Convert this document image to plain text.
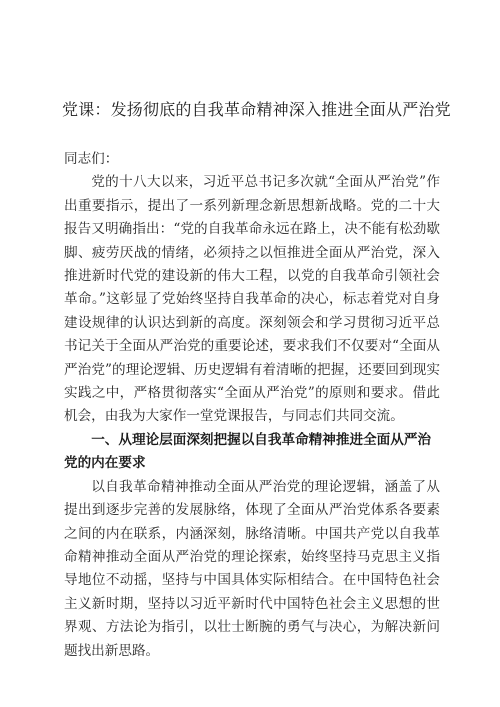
党课：发扬彻底的自我革命精神深入推进全面从严治党

同志们：

党的十八大以来，习近平总书记多次就“全面从严治党”作出重要指示，提出了一系列新理念新思想新战略。党的二十大报告又明确指出：“党的自我革命永远在路上，决不能有松劲歇脚、疲劳厌战的情绪，必须持之以恒推进全面从严治党，深入推进新时代党的建设新的伟大工程，以党的自我革命引领社会革命。”这彰显了党始终坚持自我革命的决心，标志着党对自身建设规律的认识达到新的高度。深刻领会和学习贯彻习近平总书记关于全面从严治党的重要论述，要求我们不仅要对“全面从严治党”的理论逻辑、历史逻辑有着清晰的把握，还要回到现实实践之中，严格贯彻落实“全面从严治党”的原则和要求。借此机会，由我为大家作一堂党课报告，与同志们共同交流。

一、从理论层面深刻把握以自我革命精神推进全面从严治党的内在要求

以自我革命精神推动全面从严治党的理论逻辑，涵盖了从提出到逐步完善的发展脉络，体现了全面从严治党体系各要素之间的内在联系，内涵深刻，脉络清晰。中国共产党以自我革命精神推动全面从严治党的理论探索，始终坚持马克思主义指导地位不动摇，坚持与中国具体实际相结合。在中国特色社会主义新时期，坚持以习近平新时代中国特色社会主义思想的世界观、方法论为指引，以壮士断腕的勇气与决心，为解决新问题找出新思路。
